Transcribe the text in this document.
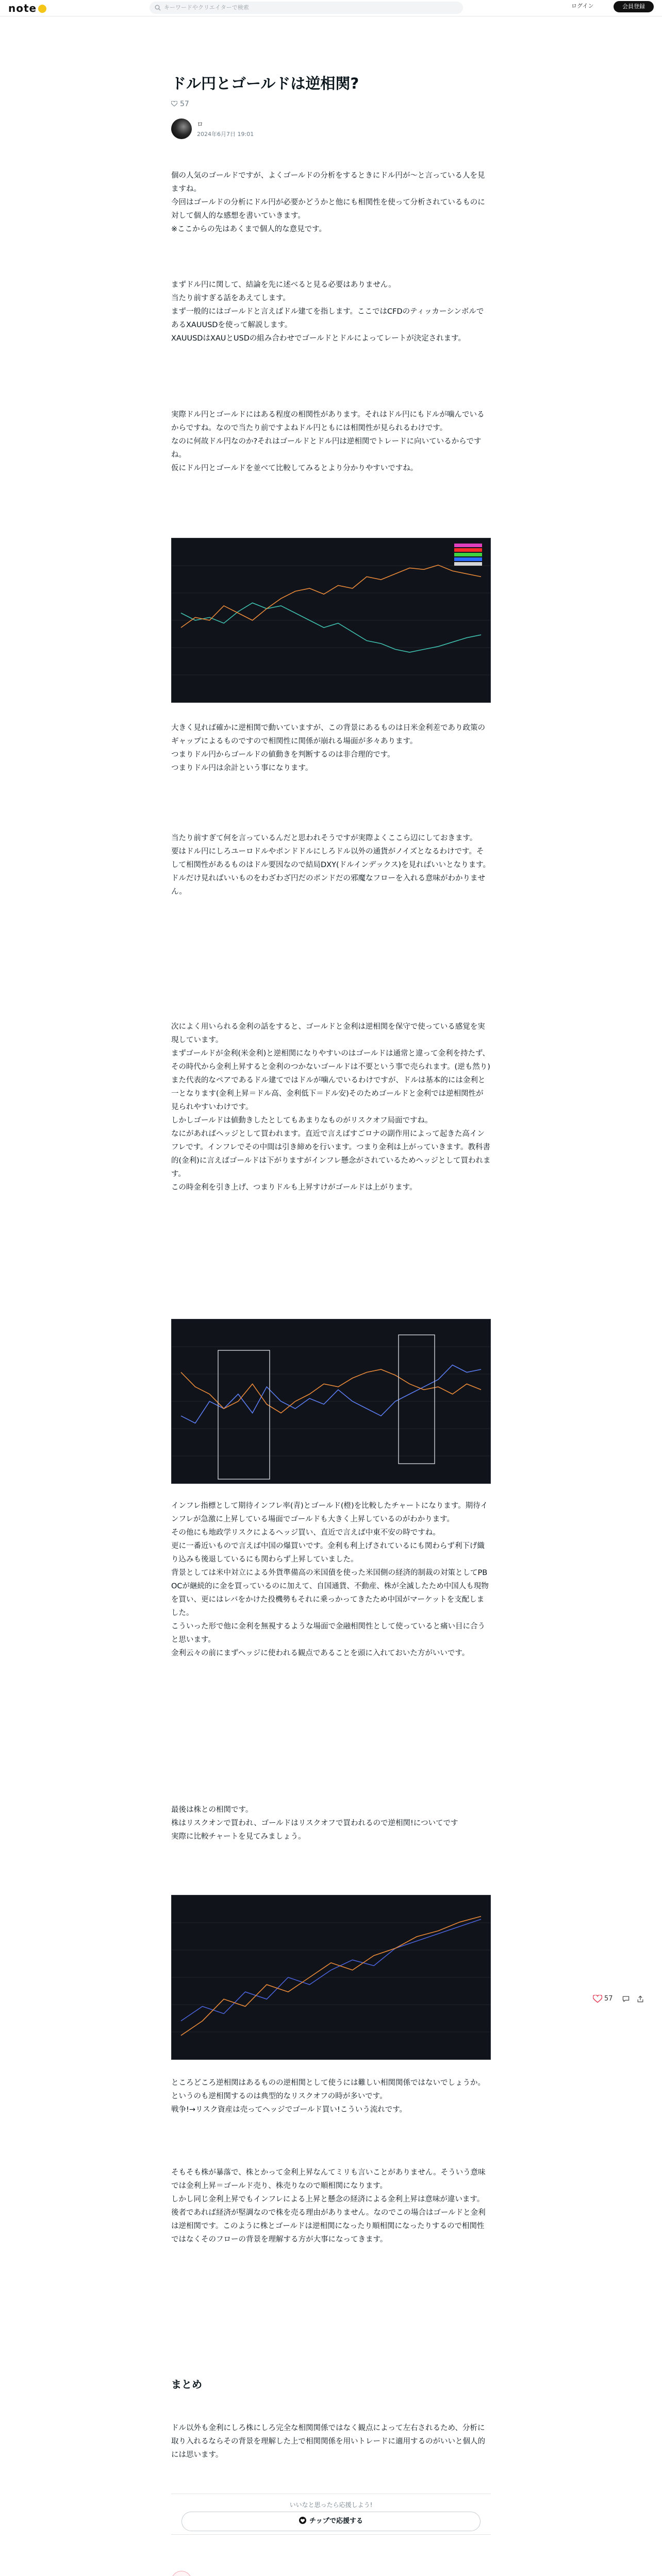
note	キーワードやクリエイターで検索	ログイン	会員登録
ドル円とゴールドは逆相関?
57
ロ
2024年6月7日 19:01
個の人気のゴールドですが、よくゴールドの分析をするときにドル円が〜と言っている人を見ますね。
今回はゴールドの分析にドル円が必要かどうかと他にも相関性を使って分析されているものに対して個人的な感想を書いていきます。
※ここからの先はあくまで個人的な意見です。
まずドル円に関して、結論を先に述べると見る必要はありません。
当たり前すぎる話をあえてします。
まず一般的にはゴールドと言えばドル建てを指します。ここではCFDのティッカーシンボルであるXAUUSDを使って解説します。
XAUUSDはXAUとUSDの組み合わせでゴールドとドルによってレートが決定されます。
実際ドル円とゴールドにはある程度の相関性があります。それはドル円にもドルが噛んでいるからですね。なので当たり前ですよねドル円ともには相関性が見られるわけです。
なのに何故ドル円なのか?それはゴールドとドル円は逆相関でトレードに向いているからですね。
仮にドル円とゴールドを並べて比較してみるとより分かりやすいですね。
大きく見れば確かに逆相関で動いていますが、この背景にあるものは日米金利差であり政策のギャップによるものですので相関性に関係が崩れる場面が多々あります。
つまりドル円からゴールドの値動きを判断するのは非合理的です。
つまりドル円は余計という事になります。
当たり前すぎて何を言っているんだと思われそうですが実際よくここら辺にしておきます。
要はドル円にしろユーロドルやポンドドルにしろドル以外の通貨がノイズとなるわけです。そして相関性があるものはドル要因なので結局DXY(ドルインデックス)を見ればいいとなります。
ドルだけ見ればいいものをわざわざ円だのポンドだの邪魔なフローを入れる意味がわかりません。
次によく用いられる金利の話をすると、ゴールドと金利は逆相関を保守で使っている感覚を実現しています。
まずゴールドが金利(米金利)と逆相関になりやすいのはゴールドは通常と違って金利を持たず、その時代から金利上昇すると金利のつかないゴールドは不要という事で売られます。(逆も然り)
また代表的なペアであるドル建てではドルが噛んでいるわけですが、ドルは基本的には金利と一となります(金利上昇＝ドル高、金利低下＝ドル安)そのためゴールドと金利では逆相関性が見られやすいわけです。
しかしゴールドは値動きしたとしてもあまりなものがリスクオフ局面ですね。
なにがあればヘッジとして買われます。直近で言えばすごロナの副作用によって起きた高インフレです。インフレでその中間は引き締めを行います。つまり金利は上がっていきます。教科書的(金利)に言えばゴールドは下がりますがインフレ懸念がされているためヘッジとして買われます。
この時金利を引き上げ、つまりドルも上昇すけがゴールドは上がります。
インフレ指標として期待インフレ率(青)とゴールド(橙)を比較したチャートになります。期待インフレが急激に上昇している場面でゴールドも大きく上昇しているのがわかります。
その他にも地政学リスクによるヘッジ買い、直近で言えば中東不安の時ですね。
更に一番近いもので言えば中国の爆買いです。金利も利上げされているにも関わらず利下げ織り込みも後退しているにも関わらず上昇していました。
背景としては米中対立による外貨準備高の米国債を使った米国側の経済的制裁の対策としてPBOCが継続的に金を買っているのに加えて、自国通貨、不動産、株が全滅したため中国人も現物を買い、更にはレバをかけた投機勢もそれに乗っかってきたため中国がマーケットを支配しました。
こういった形で他に金利を無視するような場面で金融相関性として使っていると痛い目に合うと思います。
金利云々の前にまずヘッジに使われる観点であることを頭に入れておいた方がいいです。
最後は株との相関です。
株はリスクオンで買われ、ゴールドはリスクオフで買われるので逆相関!についてです
実際に比較チャートを見てみましょう。
ところどころ逆相関はあるものの逆相関として使うには難しい相関関係ではないでしょうか。
というのも逆相関するのは典型的なリスクオフの時が多いです。
戦争!→リスク資産は売ってヘッジでゴールド買い!こういう流れです。
そもそも株が暴落で、株とかって金利上昇なんてミリも言いことがありません。そういう意味では金利上昇＝ゴールド売り、株売りなので順相関になります。
しかし同じ金利上昇でもインフレによる上昇と懸念の経済による金利上昇は意味が違います。後者であれば経済が堅調なので株を売る理由がありません。なのでこの場合はゴールドと金利は逆相関です。このように株とゴールドは逆相関になったり順相関になったりするので相関性ではなくそのフローの背景を理解する方が大事になってきます。
まとめ
ドル以外も金利にしろ株にしろ完全な相関関係ではなく観点によって左右されるため、分析に取り入れるならその背景を理解した上で相関関係を用いトレードに適用するのがいいと個人的には思います。
いいなと思ったら応援しよう!
チップで応援する
57
